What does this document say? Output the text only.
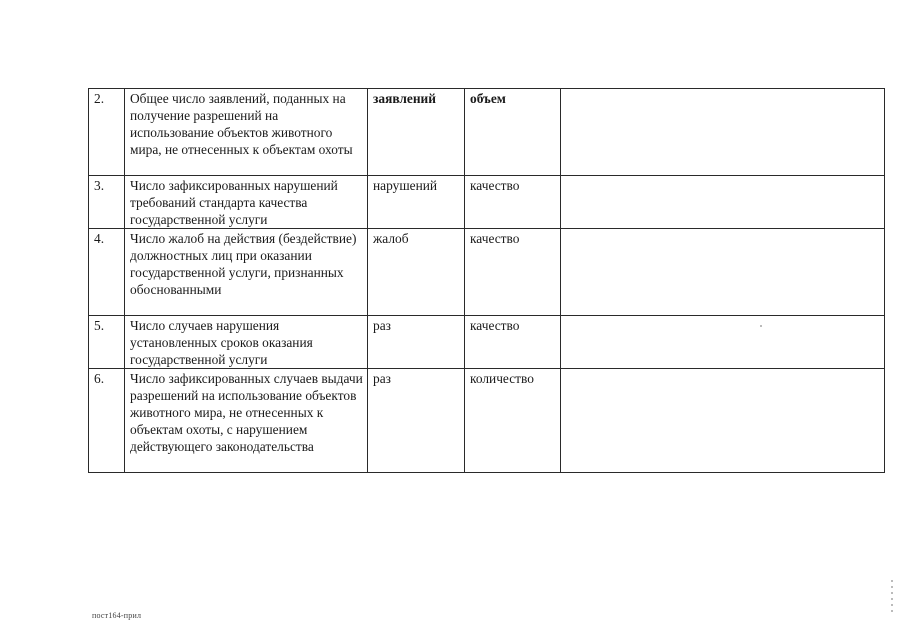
2.	Общее число заявлений, поданных на получение разрешений на использование объектов животного мира, не отнесенных к объектам охоты	заявлений	объем	
3.	Число зафиксированных нарушений требований стандарта качества государственной услуги	нарушений	качество	
4.	Число жалоб на действия (бездействие) должностных лиц при оказании государственной услуги, признанных обоснованными	жалоб	качество	
5.	Число случаев нарушения установленных сроков оказания государственной услуги	раз	качество	
6.	Число зафиксированных случаев выдачи разрешений на использование объектов животного мира, не отнесенных к объектам охоты, с нарушением действующего законодательства	раз	количество	
пост164-прил
